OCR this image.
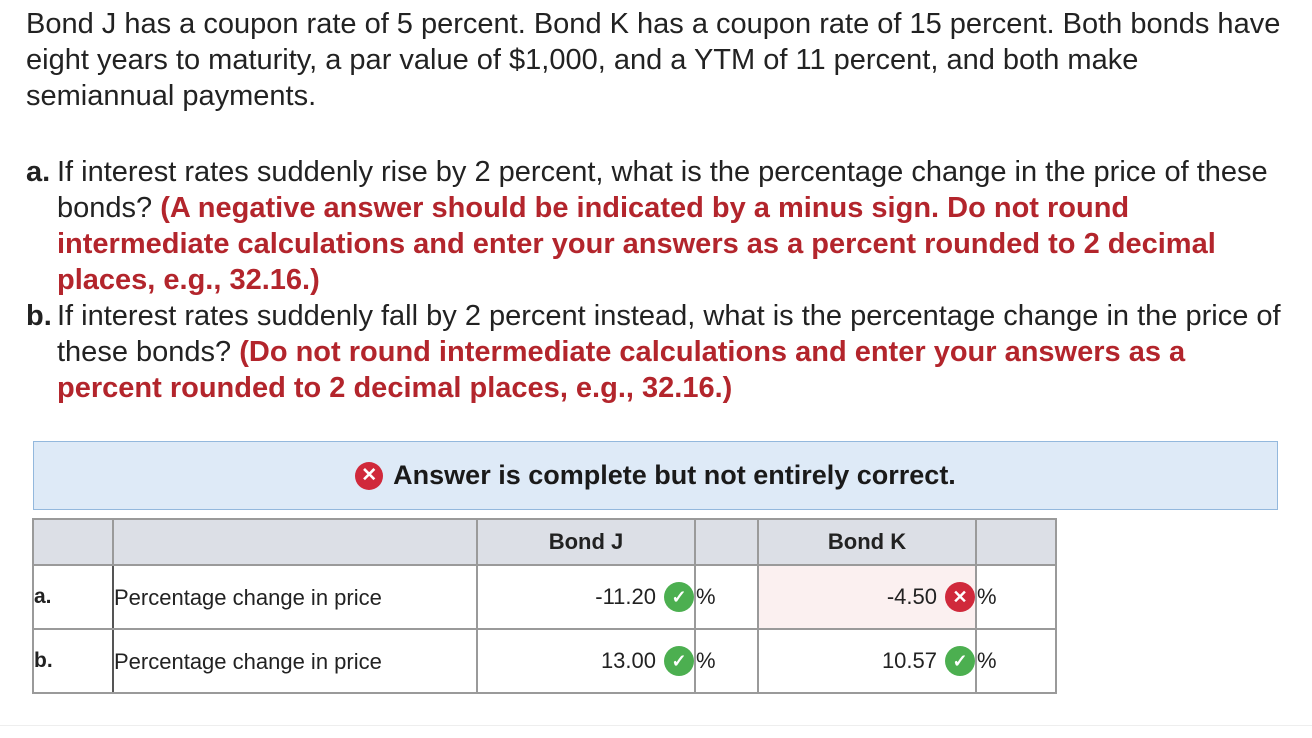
Bond J has a coupon rate of 5 percent. Bond K has a coupon rate of 15 percent. Both bonds have eight years to maturity, a par value of $1,000, and a YTM of 11 percent, and both make semiannual payments.

a. If interest rates suddenly rise by 2 percent, what is the percentage change in the price of these bonds? (A negative answer should be indicated by a minus sign. Do not round intermediate calculations and enter your answers as a percent rounded to 2 decimal places, e.g., 32.16.)

b. If interest rates suddenly fall by 2 percent instead, what is the percentage change in the price of these bonds? (Do not round intermediate calculations and enter your answers as a percent rounded to 2 decimal places, e.g., 32.16.)

✕ Answer is complete but not entirely correct.
		Bond J		Bond K	
a.	Percentage change in price	-11.20 ✓	%	-4.50 ✕	%
b.	Percentage change in price	13.00 ✓	%	10.57 ✓	%
